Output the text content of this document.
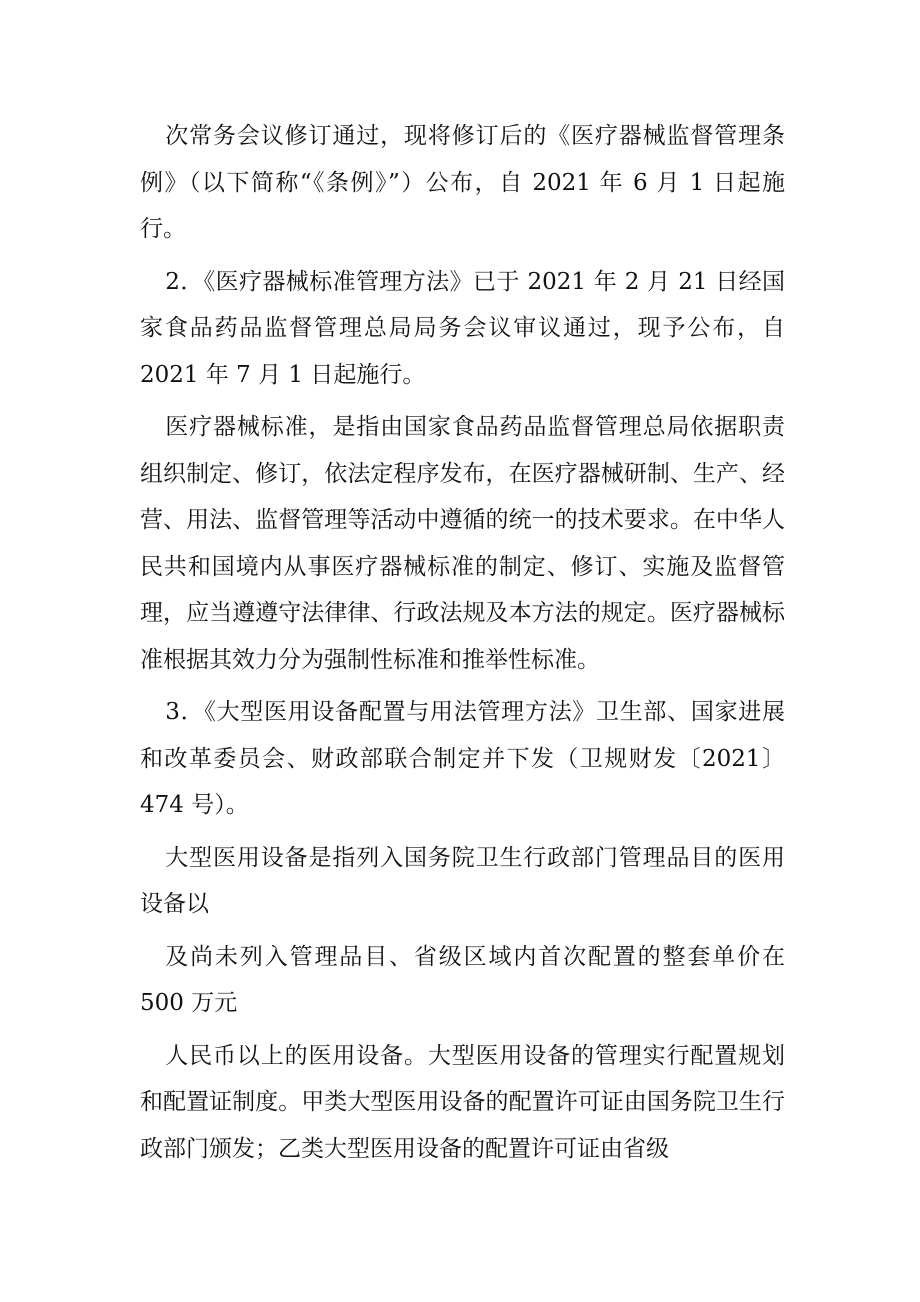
次常务会议修订通过，现将修订后的《医疗器械监督管理条例》（以下简称“《条例》”）公布，自 2021 年 6 月 1 日起施行。

2．《医疗器械标准管理方法》已于 2021 年 2 月 21 日经国家食品药品监督管理总局局务会议审议通过，现予公布，自 2021 年 7 月 1 日起施行。

医疗器械标准，是指由国家食品药品监督管理总局依据职责组织制定、修订，依法定程序发布，在医疗器械研制、生产、经营、用法、监督管理等活动中遵循的统一的技术要求。在中华人民共和国境内从事医疗器械标准的制定、修订、实施及监督管理，应当遵遵守法律律、行政法规及本方法的规定。医疗器械标准根据其效力分为强制性标准和推举性标准。

3．《大型医用设备配置与用法管理方法》卫生部、国家进展和改革委员会、财政部联合制定并下发（卫规财发〔2021〕474 号）。

大型医用设备是指列入国务院卫生行政部门管理品目的医用设备以

及尚未列入管理品目、省级区域内首次配置的整套单价在 500 万元

人民币以上的医用设备。大型医用设备的管理实行配置规划和配置证制度。甲类大型医用设备的配置许可证由国务院卫生行政部门颁发；乙类大型医用设备的配置许可证由省级
